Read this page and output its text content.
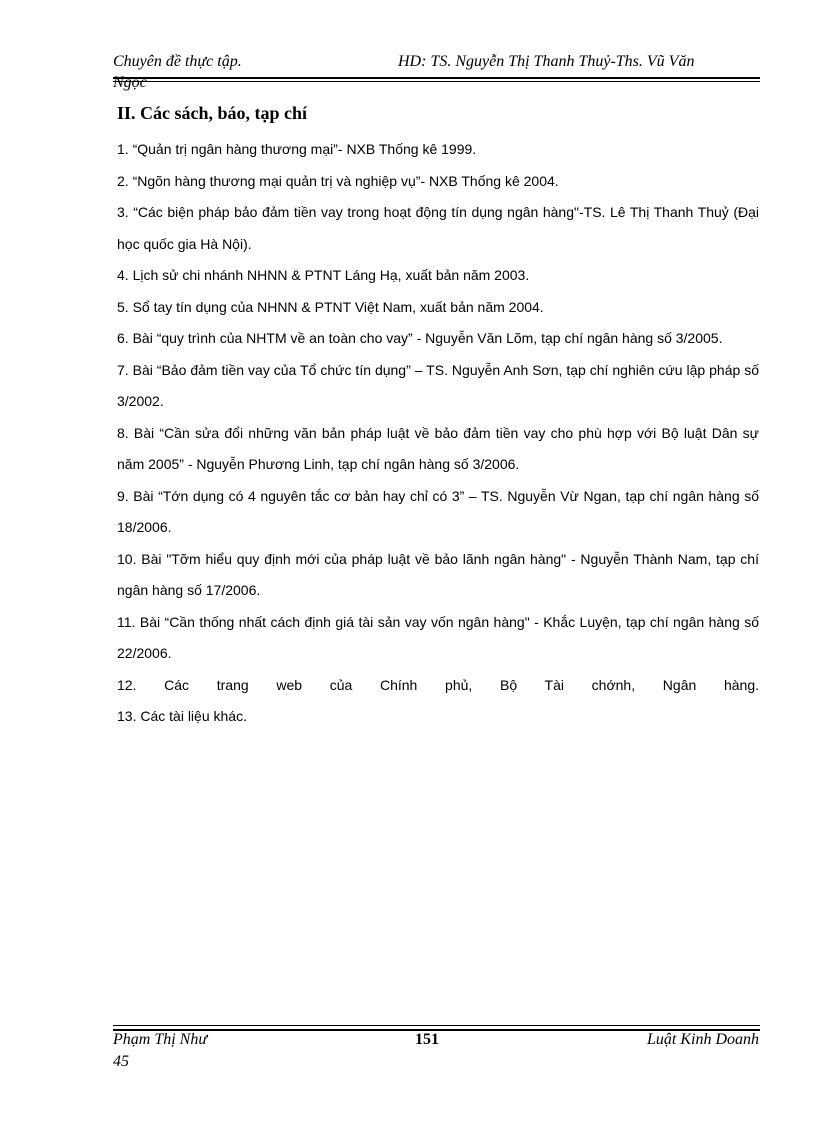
Chuyên đề thực tập.	HD: TS. Nguyễn Thị Thanh Thuỷ-Ths. Vũ Văn
Ngọc
II. Các sách, báo, tạp chí
1. “Quản trị ngân hàng thương mại”- NXB Thống kê 1999.
2. “Ngõn hàng thương mại quản trị và nghiệp vụ”- NXB Thống kê 2004.
3. “Các biện pháp bảo đảm tiền vay trong hoạt động tín dụng ngân hàng"-TS. Lê Thị Thanh Thuỷ (Đại học quốc gia Hà Nội).
4. Lịch sử chi nhánh NHNN & PTNT Láng Hạ, xuất bản năm 2003.
5. Sổ tay tín dụng của NHNN & PTNT Việt Nam, xuất bản năm 2004.
6. Bài “quy trình của NHTM về an toàn cho vay” - Nguyễn Văn Lõm, tạp chí ngân hàng số 3/2005.
7. Bài “Bảo đảm tiền vay của Tổ chức tín dụng” – TS. Nguyễn Anh Sơn, tạp chí nghiên cứu lập pháp số 3/2002.
8. Bài “Cần sửa đổi những văn bản pháp luật về bảo đảm tiền vay cho phù hợp với Bộ luật Dân sự năm 2005” - Nguyễn Phương Linh, tạp chí ngân hàng số 3/2006.
9. Bài “Tớn dụng có 4 nguyên tắc cơ bản hay chỉ có 3” – TS. Nguyễn Vừ Ngan, tạp chí ngân hàng số 18/2006.
10. Bài "Tỡm hiểu quy định mới của pháp luật về bảo lãnh ngân hàng" - Nguyễn Thành Nam, tạp chí ngân hàng số 17/2006.
11. Bài “Cần thống nhất cách định giá tài sản vay vốn ngân hàng" - Khắc Luyện, tạp chí ngân hàng số 22/2006.
12. Các trang web của Chính phủ, Bộ Tài chớnh, Ngân hàng.
13. Các tài liệu khác.
Phạm Thị Như	151	Luật Kinh Doanh
45
